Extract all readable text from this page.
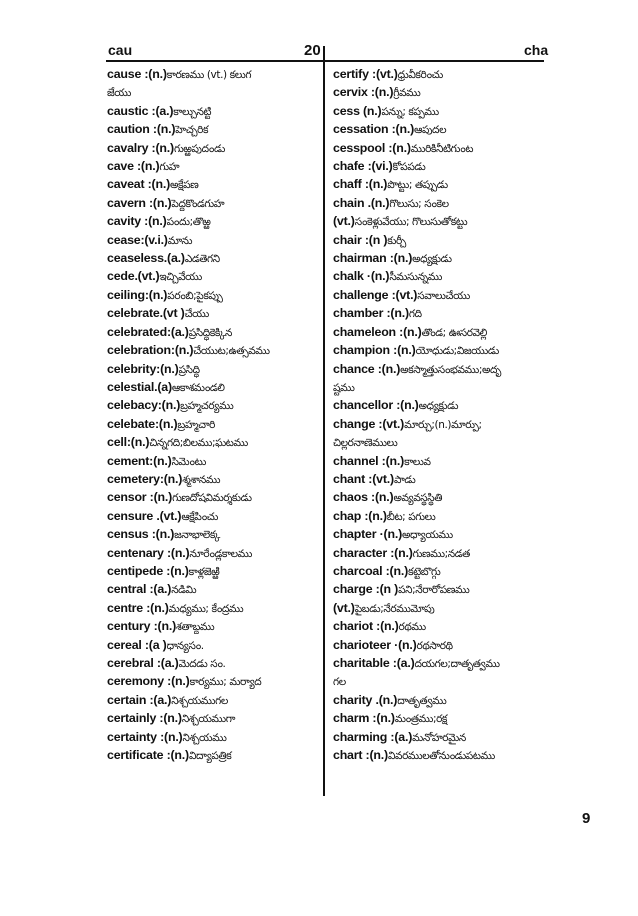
cau	20	cha
cause :(n.)కారణము (vt.) కలుగ
జేయు
caustic :(a.)కాల్చునట్టి
caution :(n.)హెచ్చరిక
cavalry :(n.)గుఱ్ఱపుదండు
cave :(n.)గుహ
caveat :(n.)అక్షేపణ
cavern :(n.)పెద్దకొండగుహ
cavity :(n.)పందు;తొఱ్ఱ
cease:(v.i.)మాను
ceaseless.(a.)ఎడతెగని
cede.(vt.)ఇచ్చివేయు
ceiling:(n.)పరంబి;పైకప్పు
celebrate.(vt )చేయు
celebrated:(a.)ప్రసిద్ధికెక్కిన
celebration:(n.)చేయుట;ఉత్సవము
celebrity:(n.)ప్రసిద్ధి
celestial.(a)ఆకాశమండలి
celebacy:(n.)బ్రహ్మచర్యము
celebate:(n.)బ్రహ్మచారి
cell:(n.)చిన్నగది;బిలము;ఘటము
cement:(n.)సిమెంటు
cemetery:(n.)శ్మశానము
censor :(n.)గుణదోషవిమర్శకుడు
censure .(vt.)ఆక్షేపించు
census :(n.)జనాభాలెక్క
centenary :(n.)నూరేండ్లకాలము
centipede :(n.)కాళ్లజెఱ్ఱి
central :(a.)నడిమి
centre :(n.)మధ్యము; కేంద్రము
century :(n.)శతాబ్దము
cereal :(a )ధాన్యసం.
cerebral :(a.)మెదడు సం.
ceremony :(n.)కార్యము; మర్యాద
certain :(a.)నిశ్చయముగల
certainly :(n.)నిశ్చయముగా
certainty :(n.)నిశ్చయము
certificate :(n.)విద్యాపత్రిక
certify :(vt.)ధ్రువీకరించు
cervix :(n.)గ్రీవము
cess (n.)పన్ను; కప్పము
cessation :(n.)ఆపుదల
cesspool :(n.)మురికినీటిగుంట
chafe :(vi.)కోపపడు
chaff :(n.)పొట్టు; తప్పుడు
chain .(n.)గొలుసు; సంకెల
(vt.)సంకెళ్లువేయు; గొలుసుతోకట్టు
chair :(n )కుర్చీ
chairman :(n.)అధ్యక్షుడు
chalk ·(n.)సీమసున్నము
challenge :(vt.)సవాలుచేయు
chamber :(n.)గది
chameleon :(n.)తొండ; ఊసరవెల్లి
champion :(n.)యోధుడు;విజయుడు
chance :(n.)అకస్మాత్తుసంభవము;అదృ
ష్టము
chancellor :(n.)అధ్యక్షుడు
change :(vt.)మార్చు;(n.)మార్పు;
చిల్లరనాణెములు
channel :(n.)కాలువ
chant :(vt.)పాడు
chaos :(n.)అవ్యవస్థస్థితి
chap :(n.)బీట; పగులు
chapter ·(n.)అధ్యాయము
character :(n.)గుణము;నడత
charcoal :(n.)కట్టెబొగ్గు
charge :(n )పని;నేరారోపణము
(vt.)పైబడు;నేరముమోపు
chariot :(n.)రథము
charioteer ·(n.)రథసారథి
charitable :(a.)దయగల;దాతృత్వము
గల
charity .(n.)దాతృత్వము
charm :(n.)మంత్రము;రక్ష
charming :(a.)మనోహరమైన
chart :(n.)వివరములతోనుండుపటము
9
